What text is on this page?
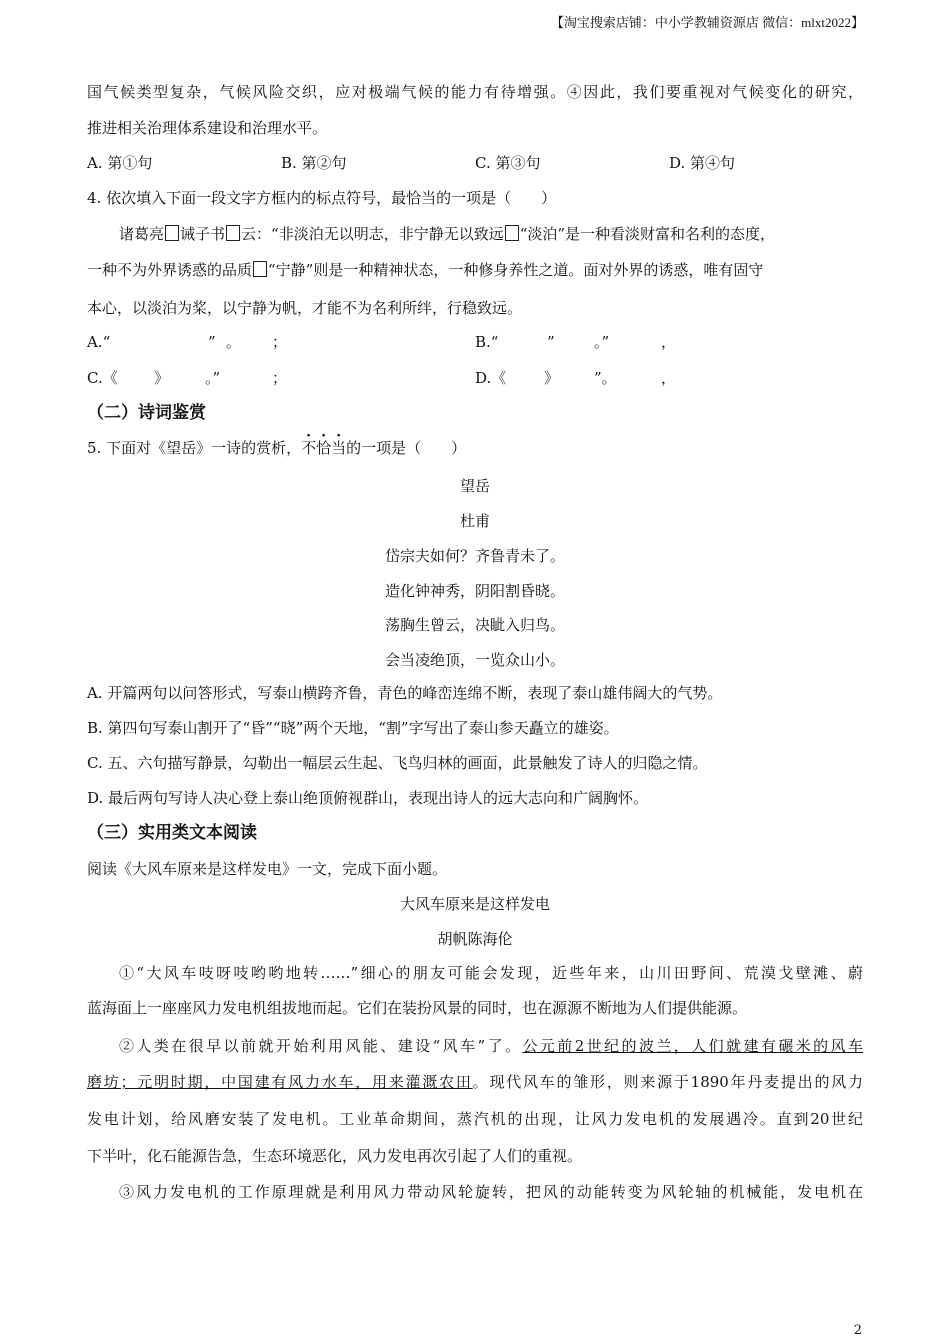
【淘宝搜索店铺：中小学教辅资源店 微信：mlxt2022】
国气候类型复杂，气候风险交织，应对极端气候的能力有待增强。④因此，我们要重视对气候变化的研究，
推进相关治理体系建设和治理水平。
A. 第①句	B. 第②句	C. 第③句	D. 第④句
4. 依次填入下面一段文字方框内的标点符号，最恰当的一项是（　　）
诸葛亮 诫子书 云：“非淡泊无以明志，非宁静无以致远 “淡泊”是一种看淡财富和名利的态度，
一种不为外界诱惑的品质 “宁静”则是一种精神状态，一种修身养性之道。面对外界的诱惑，唯有固守
本心，以淡泊为桨，以宁静为帆，才能不为名利所绊，行稳致远。
A.“	” 。 ；	B.“	”	。”	，
C.《 》 。”	；	D.《	》 ”。	，
（二）诗词鉴赏
5. 下面对《望岳》一诗的赏析，不恰当的一项是（　　）
望岳
杜甫
岱宗夫如何？齐鲁青未了。
造化钟神秀，阴阳割昏晓。
荡胸生曾云，决眦入归鸟。
会当凌绝顶，一览众山小。
A. 开篇两句以问答形式，写泰山横跨齐鲁，青色的峰峦连绵不断，表现了泰山雄伟阔大的气势。
B. 第四句写泰山割开了“昏”“晓”两个天地，“割”字写出了泰山参天矗立的雄姿。
C. 五、六句描写静景，勾勒出一幅层云生起、飞鸟归林的画面，此景触发了诗人的归隐之情。
D. 最后两句写诗人决心登上泰山绝顶俯视群山，表现出诗人的远大志向和广阔胸怀。
（三）实用类文本阅读
阅读《大风车原来是这样发电》一文，完成下面小题。
大风车原来是这样发电
胡帆陈海伦
①“大风车吱呀吱哟哟地转……”细心的朋友可能会发现，近些年来，山川田野间、荒漠戈壁滩、蔚
蓝海面上一座座风力发电机组拔地而起。它们在装扮风景的同时，也在源源不断地为人们提供能源。
②人类在很早以前就开始利用风能、建设“风车”了。公元前2世纪的波兰，人们就建有碾米的风车
磨坊；元明时期，中国建有风力水车，用来灌溉农田。现代风车的雏形，则来源于1890年丹麦提出的风力
发电计划，给风磨安装了发电机。工业革命期间，蒸汽机的出现，让风力发电机的发展遇冷。直到20世纪
下半叶，化石能源告急，生态环境恶化，风力发电再次引起了人们的重视。
③风力发电机的工作原理就是利用风力带动风轮旋转，把风的动能转变为风轮轴的机械能，发电机在
2
